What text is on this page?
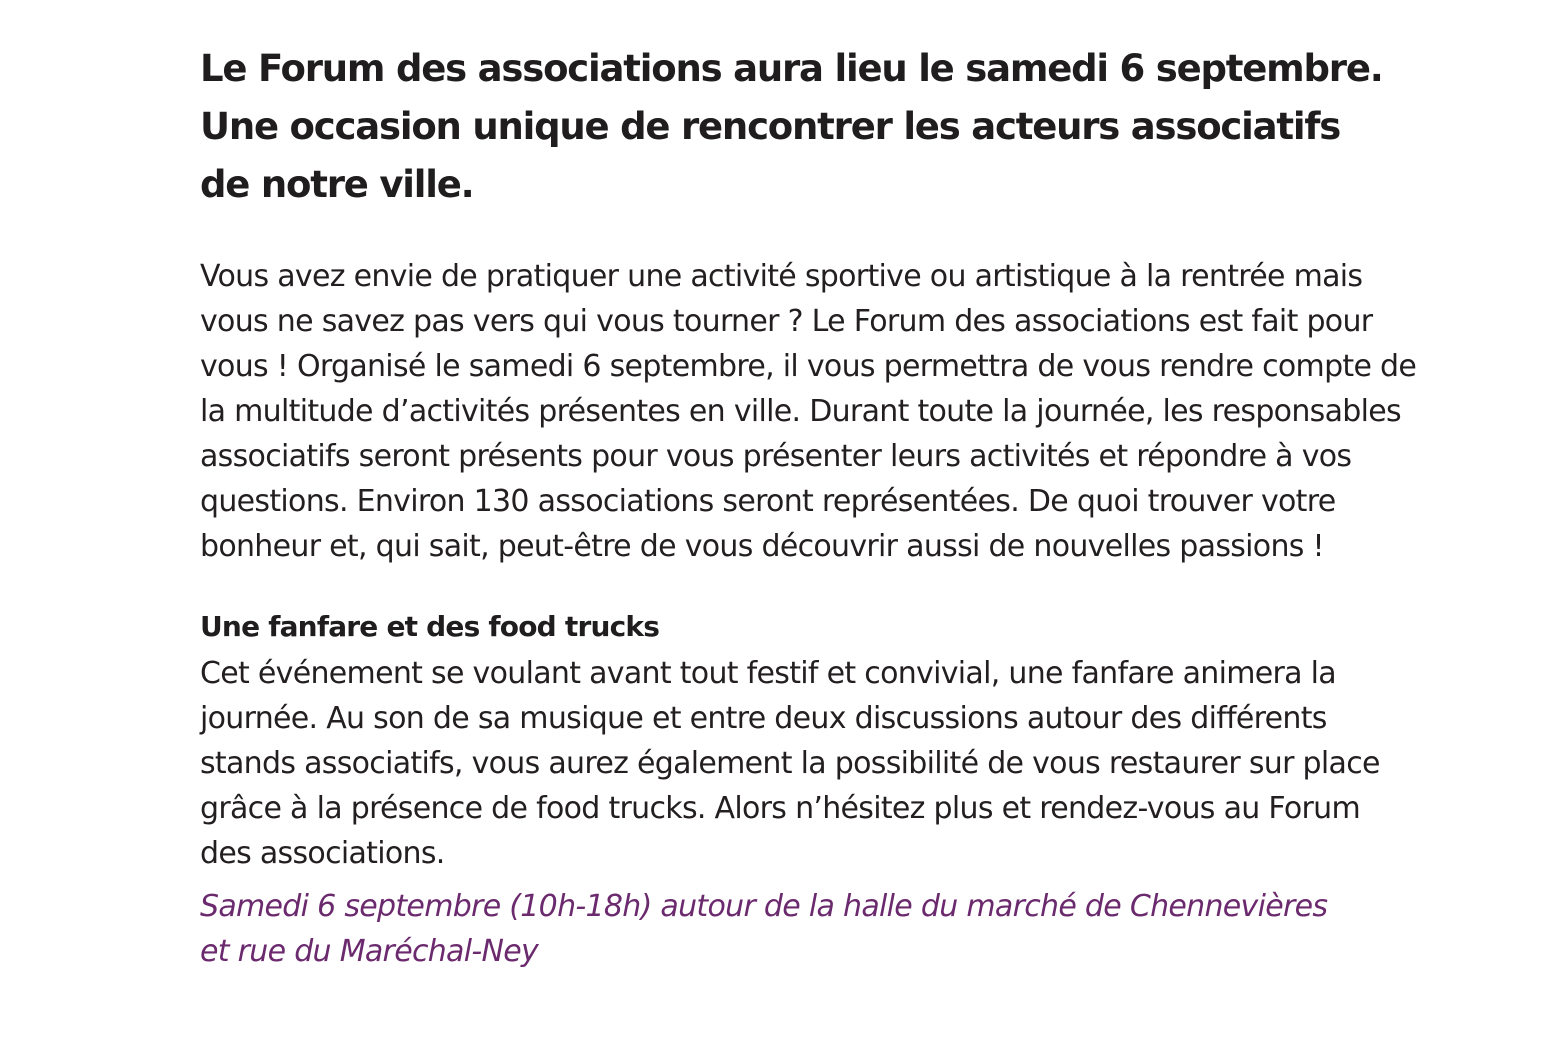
Le Forum des associations aura lieu le samedi 6 septembre.
Une occasion unique de rencontrer les acteurs associatifs
de notre ville.

Vous avez envie de pratiquer une activité sportive ou artistique à la rentrée mais
vous ne savez pas vers qui vous tourner ? Le Forum des associations est fait pour
vous ! Organisé le samedi 6 septembre, il vous permettra de vous rendre compte de
la multitude d’activités présentes en ville. Durant toute la journée, les responsables
associatifs seront présents pour vous présenter leurs activités et répondre à vos
questions. Environ 130 associations seront représentées. De quoi trouver votre
bonheur et, qui sait, peut-être de vous découvrir aussi de nouvelles passions !

Une fanfare et des food trucks

Cet événement se voulant avant tout festif et convivial, une fanfare animera la
journée. Au son de sa musique et entre deux discussions autour des différents
stands associatifs, vous aurez également la possibilité de vous restaurer sur place
grâce à la présence de food trucks. Alors n’hésitez plus et rendez-vous au Forum
des associations.

Samedi 6 septembre (10h-18h) autour de la halle du marché de Chennevières
et rue du Maréchal-Ney
